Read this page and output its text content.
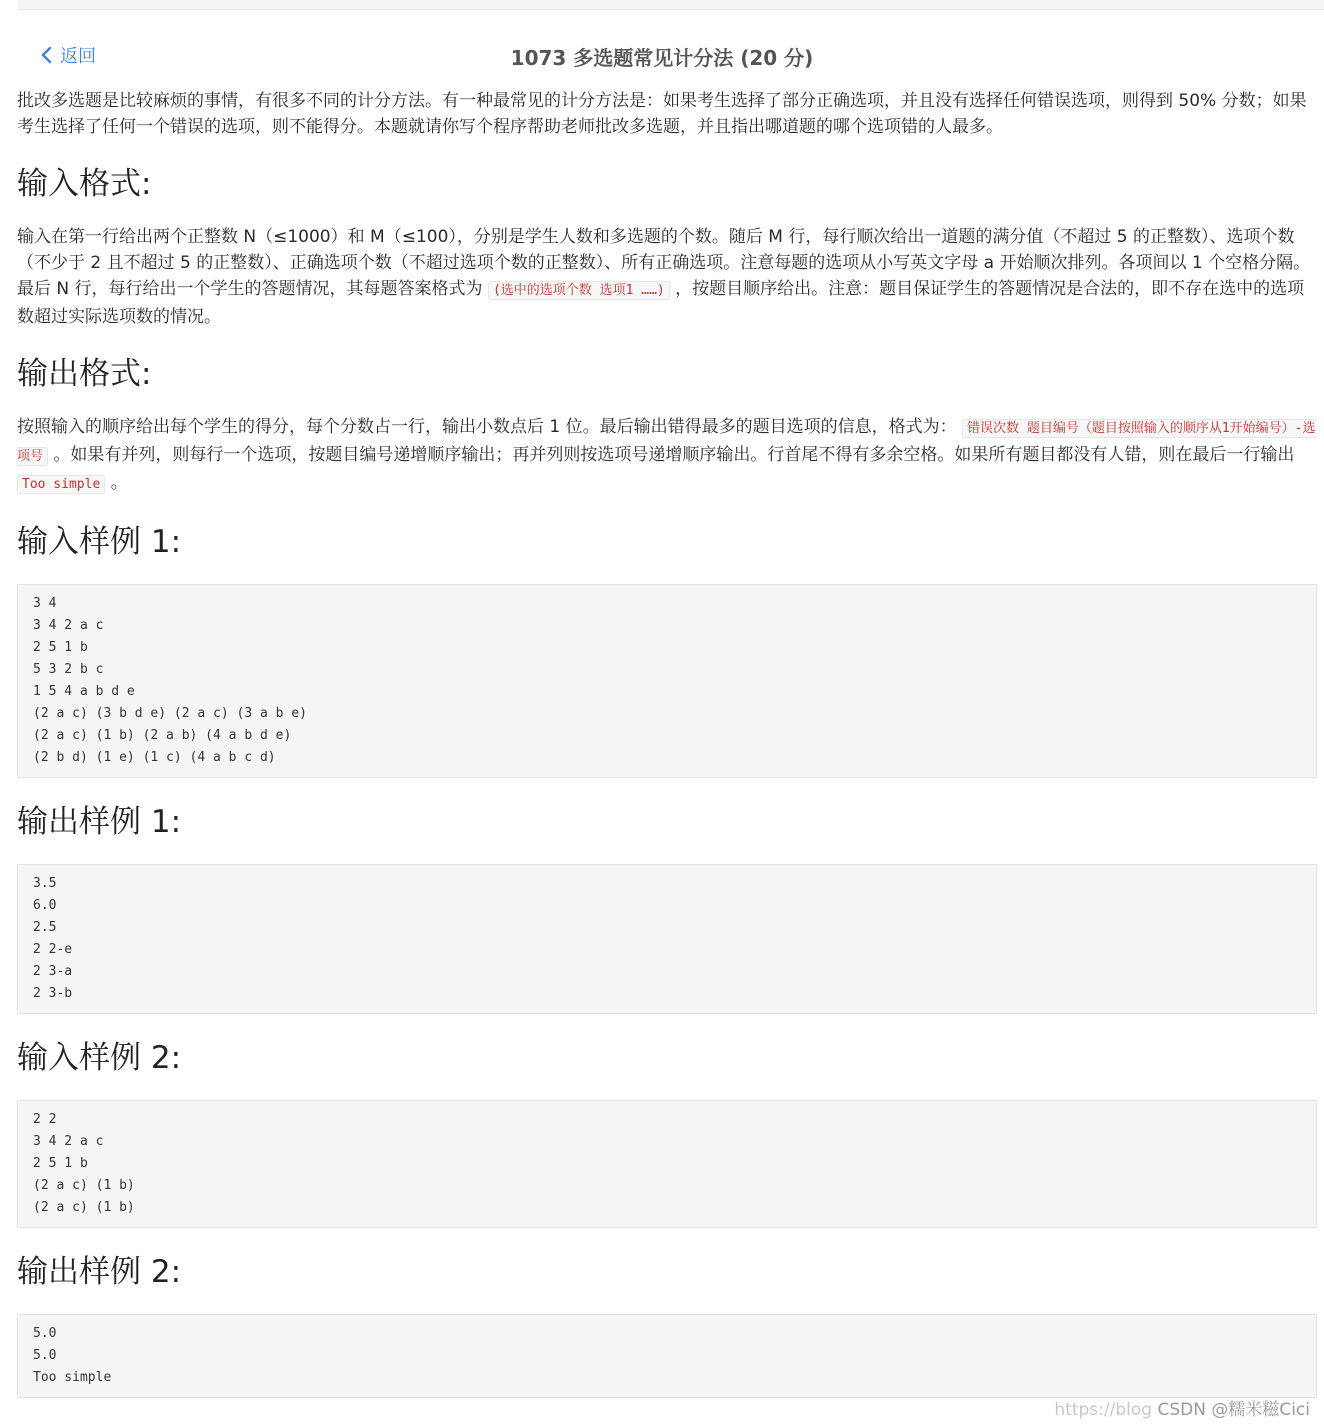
返回	1073 多选题常见计分法 (20 分)

批改多选题是比较麻烦的事情，有很多不同的计分方法。有一种最常见的计分方法是：如果考生选择了部分正确选项，并且没有选择任何错误选项，则得到 50% 分数；如果考生选择了任何一个错误的选项，则不能得分。本题就请你写个程序帮助老师批改多选题，并且指出哪道题的哪个选项错的人最多。

输入格式:

输入在第一行给出两个正整数 N（≤1000）和 M（≤100），分别是学生人数和多选题的个数。随后 M 行，每行顺次给出一道题的满分值（不超过 5 的正整数）、选项个数（不少于 2 且不超过 5 的正整数）、正确选项个数（不超过选项个数的正整数）、所有正确选项。注意每题的选项从小写英文字母 a 开始顺次排列。各项间以 1 个空格分隔。最后 N 行，每行给出一个学生的答题情况，其每题答案格式为 (选中的选项个数 选项1 ……) ，按题目顺序给出。注意：题目保证学生的答题情况是合法的，即不存在选中的选项数超过实际选项数的情况。

输出格式:

按照输入的顺序给出每个学生的得分，每个分数占一行，输出小数点后 1 位。最后输出错得最多的题目选项的信息，格式为： 错误次数 题目编号（题目按照输入的顺序从1开始编号）-选项号 。如果有并列，则每行一个选项，按题目编号递增顺序输出；再并列则按选项号递增顺序输出。行首尾不得有多余空格。如果所有题目都没有人错，则在最后一行输出 Too simple 。

输入样例 1:
3 4
3 4 2 a c
2 5 1 b
5 3 2 b c
1 5 4 a b d e
(2 a c) (3 b d e) (2 a c) (3 a b e)
(2 a c) (1 b) (2 a b) (4 a b d e)
(2 b d) (1 e) (1 c) (4 a b c d)
输出样例 1:
3.5
6.0
2.5
2 2-e
2 3-a
2 3-b
输入样例 2:
2 2
3 4 2 a c
2 5 1 b
(2 a c) (1 b)
(2 a c) (1 b)
输出样例 2:
5.0
5.0
Too simple
https://blog CSDN @糯米糍Cici
